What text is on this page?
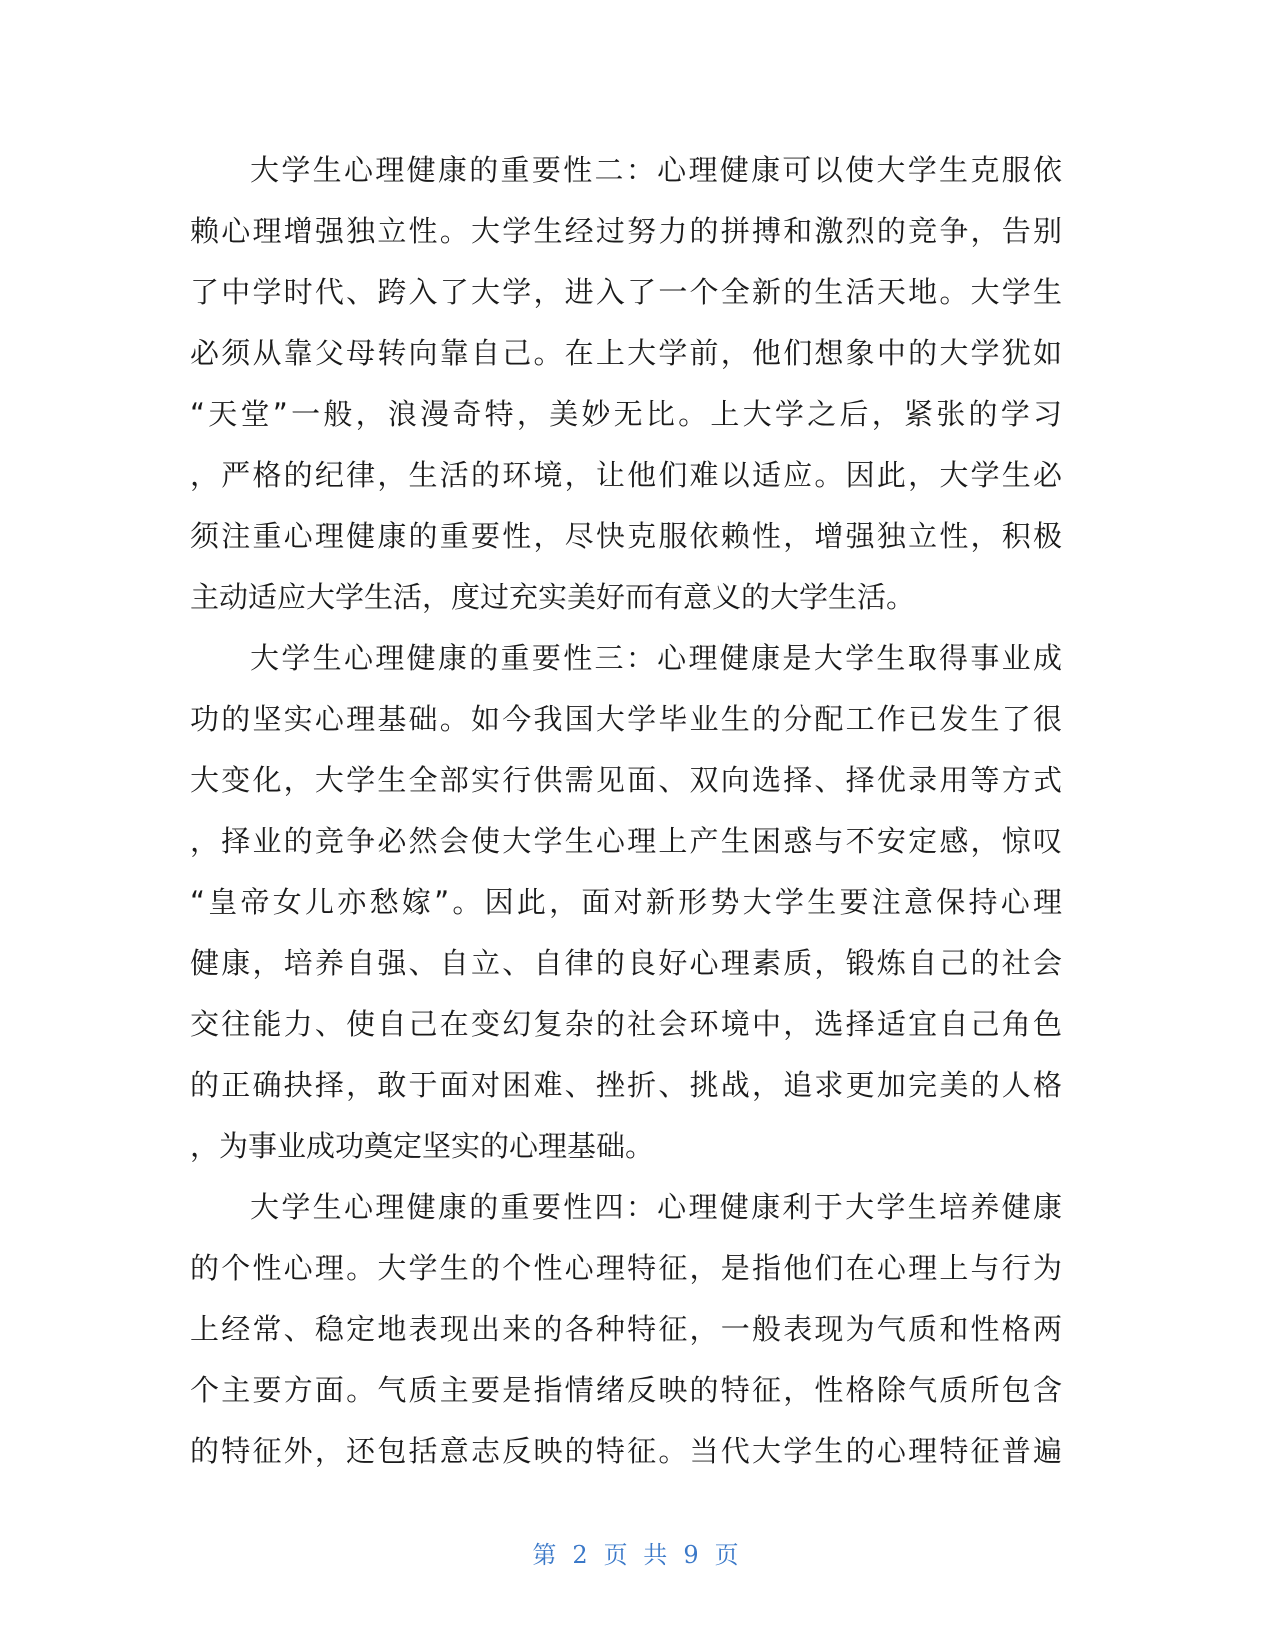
大学生心理健康的重要性二：心理健康可以使大学生克服依
赖心理增强独立性。大学生经过努力的拼搏和激烈的竞争，告别
了中学时代、跨入了大学，进入了一个全新的生活天地。大学生
必须从靠父母转向靠自己。在上大学前，他们想象中的大学犹如
“天堂”一般，浪漫奇特，美妙无比。上大学之后，紧张的学习
，严格的纪律，生活的环境，让他们难以适应。因此，大学生必
须注重心理健康的重要性，尽快克服依赖性，增强独立性，积极
主动适应大学生活，度过充实美好而有意义的大学生活。
大学生心理健康的重要性三：心理健康是大学生取得事业成
功的坚实心理基础。如今我国大学毕业生的分配工作已发生了很
大变化，大学生全部实行供需见面、双向选择、择优录用等方式
，择业的竞争必然会使大学生心理上产生困惑与不安定感，惊叹
“皇帝女儿亦愁嫁”。因此，面对新形势大学生要注意保持心理
健康，培养自强、自立、自律的良好心理素质，锻炼自己的社会
交往能力、使自己在变幻复杂的社会环境中，选择适宜自己角色
的正确抉择，敢于面对困难、挫折、挑战，追求更加完美的人格
，为事业成功奠定坚实的心理基础。
大学生心理健康的重要性四：心理健康利于大学生培养健康
的个性心理。大学生的个性心理特征，是指他们在心理上与行为
上经常、稳定地表现出来的各种特征，一般表现为气质和性格两
个主要方面。气质主要是指情绪反映的特征，性格除气质所包含
的特征外，还包括意志反映的特征。当代大学生的心理特征普遍
第 2 页 共 9 页
